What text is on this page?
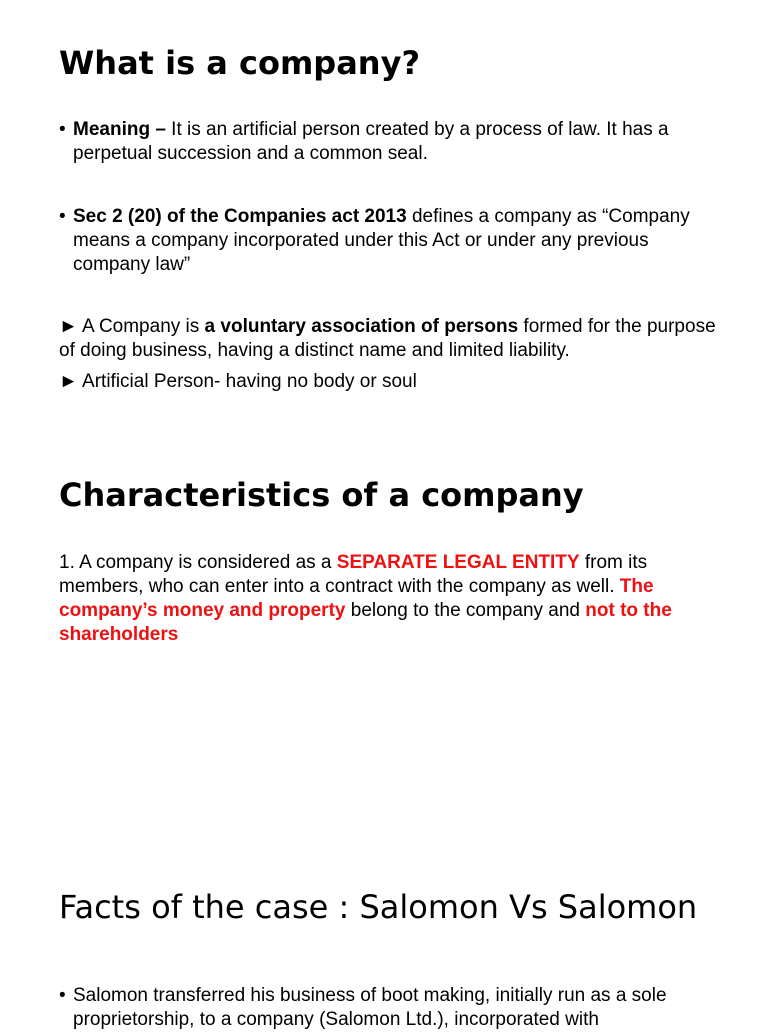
What is a company?
• Meaning – It is an artificial person created by a process of law. It has a perpetual succession and a common seal.
• Sec 2 (20) of the Companies act 2013 defines a company as “Company means a company incorporated under this Act or under any previous company law”
► A Company is a voluntary association of persons formed for the purpose of doing business, having a distinct name and limited liability.
► Artificial Person- having no body or soul
Characteristics of a company
1. A company is considered as a SEPARATE LEGAL ENTITY from its members, who can enter into a contract with the company as well. The company’s money and property belong to the company and not to the shareholders
Facts of the case : Salomon Vs Salomon
• Salomon transferred his business of boot making, initially run as a sole proprietorship, to a company (Salomon Ltd.), incorporated with
